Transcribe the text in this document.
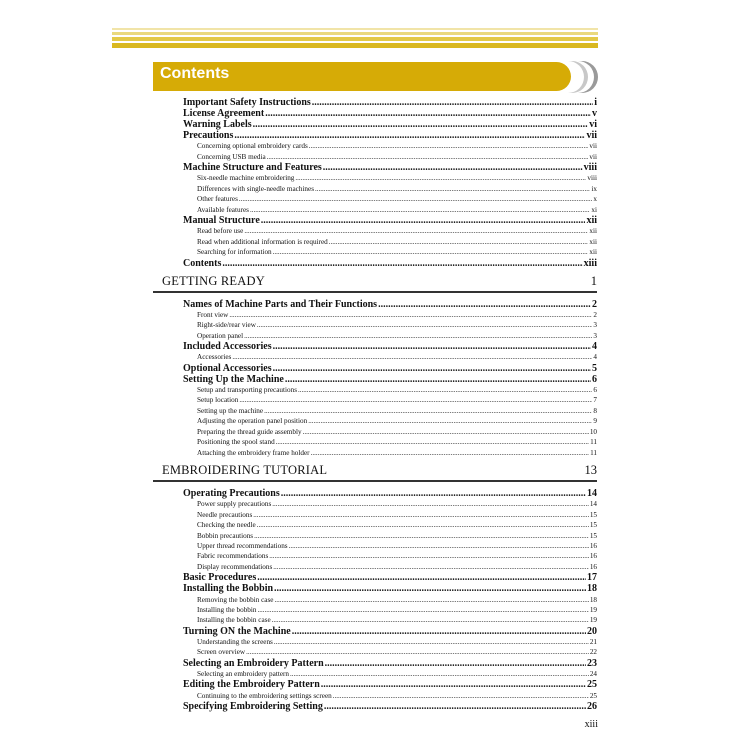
Contents
Important Safety Instructions .....	i
License Agreement .....	v
Warning Labels .....	vi
Precautions .....	vii
Concerning optional embroidery cards .....	vii
Concerning USB media .....	vii
Machine Structure and Features .....	viii
Six-needle machine embroidering .....	viii
Differences with single-needle machines .....	ix
Other features .....	x
Available features .....	xi
Manual Structure .....	xii
Read before use .....	xii
Read when additional information is required .....	xii
Searching for information .....	xii
Contents .....	xiii
GETTING READY	1
Names of Machine Parts and Their Functions .....	2
Front view .....	2
Right-side/rear view .....	3
Operation panel .....	3
Included Accessories .....	4
Accessories .....	4
Optional Accessories .....	5
Setting Up the Machine .....	6
Setup and transporting precautions .....	6
Setup location .....	7
Setting up the machine .....	8
Adjusting the operation panel position .....	9
Preparing the thread guide assembly .....	10
Positioning the spool stand .....	11
Attaching the embroidery frame holder .....	11
EMBROIDERING TUTORIAL	13
Operating Precautions .....	14
Power supply precautions .....	14
Needle precautions .....	15
Checking the needle .....	15
Bobbin precautions .....	15
Upper thread recommendations .....	16
Fabric recommendations .....	16
Display recommendations .....	16
Basic Procedures .....	17
Installing the Bobbin .....	18
Removing the bobbin case .....	18
Installing the bobbin .....	19
Installing the bobbin case .....	19
Turning ON the Machine .....	20
Understanding the screens .....	21
Screen overview .....	22
Selecting an Embroidery Pattern .....	23
Selecting an embroidery pattern .....	24
Editing the Embroidery Pattern .....	25
Continuing to the embroidering settings screen .....	25
Specifying Embroidering Setting .....	26
xiii
